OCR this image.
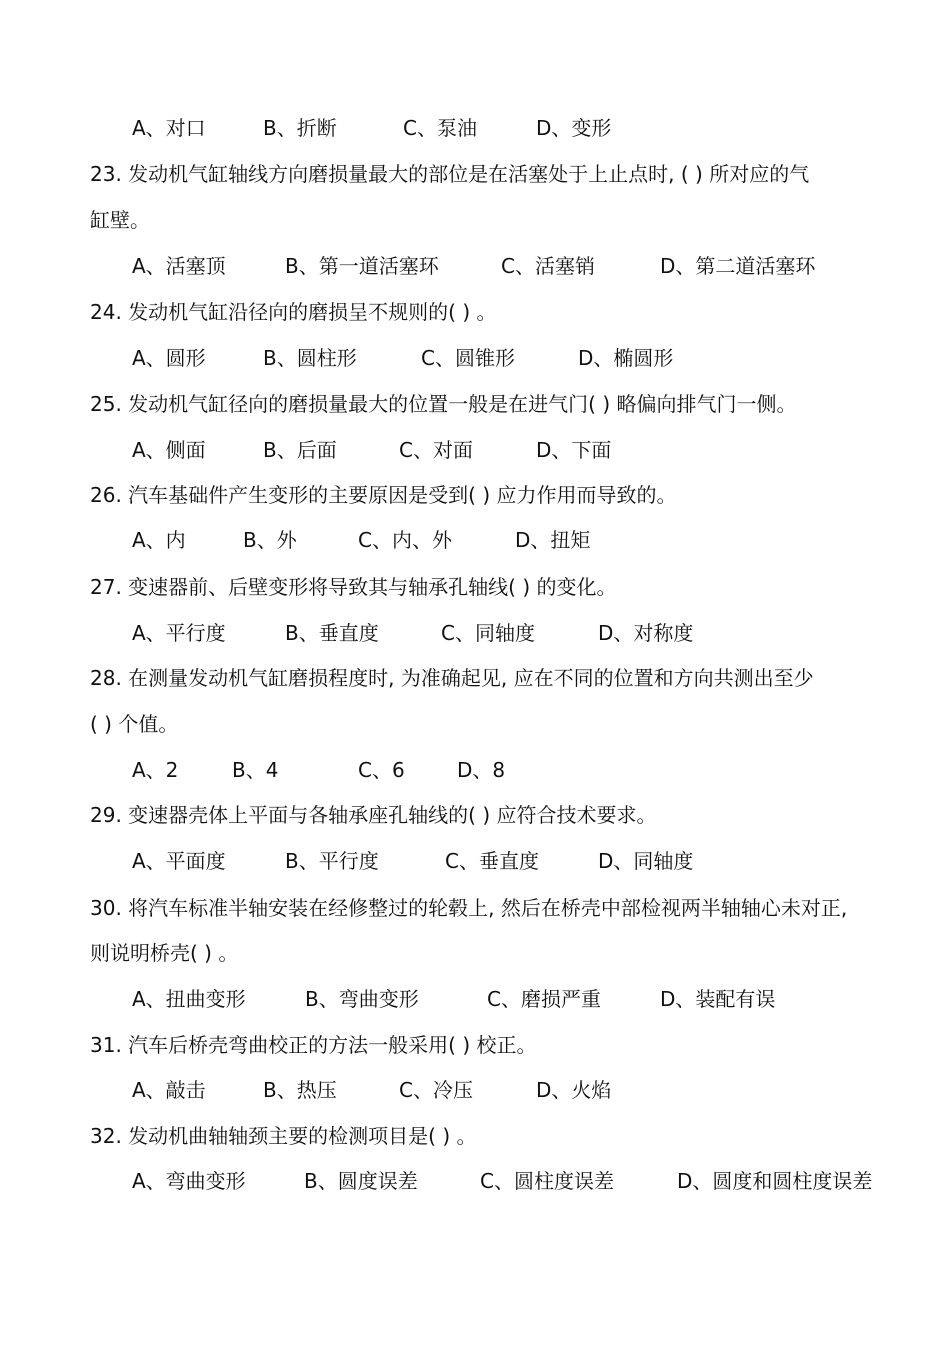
A、对口	B、折断	C、泵油	D、变形
23. 发动机气缸轴线方向磨损量最大的部位是在活塞处于上止点时, ( ) 所对应的气
缸壁。
A、活塞顶	B、第一道活塞环	C、活塞销	D、第二道活塞环
24. 发动机气缸沿径向的磨损呈不规则的( ) 。
A、圆形	B、圆柱形	C、圆锥形	D、椭圆形
25. 发动机气缸径向的磨损量最大的位置一般是在进气门( ) 略偏向排气门一侧。
A、侧面	B、后面	C、对面	D、下面
26. 汽车基础件产生变形的主要原因是受到( ) 应力作用而导致的。
A、内	B、外	C、内、外	D、扭矩
27. 变速器前、后壁变形将导致其与轴承孔轴线( ) 的变化。
A、平行度	B、垂直度	C、同轴度	D、对称度
28. 在测量发动机气缸磨损程度时, 为准确起见, 应在不同的位置和方向共测出至少
( ) 个值。
A、2	B、4	C、6	D、8
29. 变速器壳体上平面与各轴承座孔轴线的( ) 应符合技术要求。
A、平面度	B、平行度	C、垂直度	D、同轴度
30. 将汽车标准半轴安装在经修整过的轮毂上, 然后在桥壳中部检视两半轴轴心未对正,
则说明桥壳( ) 。
A、扭曲变形	B、弯曲变形	C、磨损严重	D、装配有误
31. 汽车后桥壳弯曲校正的方法一般采用( ) 校正。
A、敲击	B、热压	C、冷压	D、火焰
32. 发动机曲轴轴颈主要的检测项目是( ) 。
A、弯曲变形	B、圆度误差	C、圆柱度误差	D、圆度和圆柱度误差
